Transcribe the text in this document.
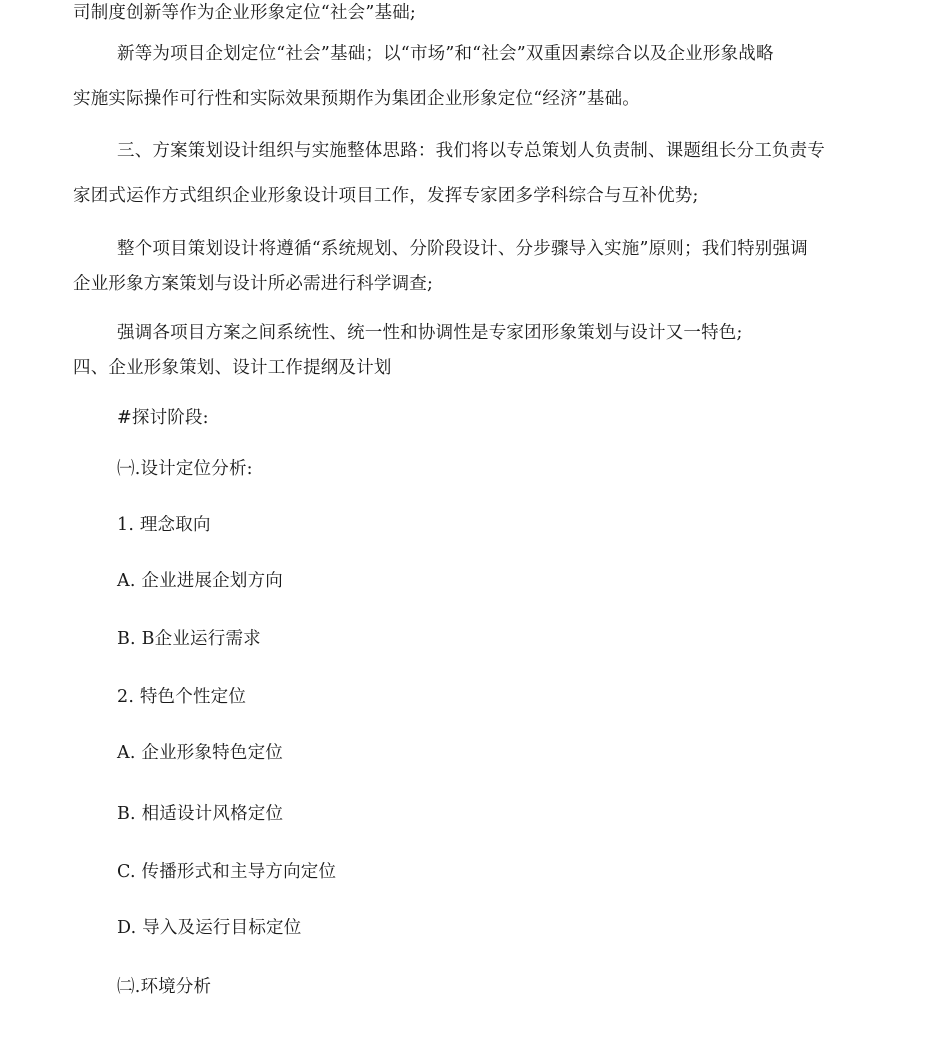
司制度创新等作为企业形象定位“社会”基础;
新等为项目企划定位“社会”基础；以“市场”和“社会”双重因素综合以及企业形象战略
实施实际操作可行性和实际效果预期作为集团企业形象定位“经济”基础。
三、方案策划设计组织与实施整体思路：我们将以专总策划人负责制、课题组长分工负责专
家团式运作方式组织企业形象设计项目工作，发挥专家团多学科综合与互补优势;
整个项目策划设计将遵循“系统规划、分阶段设计、分步骤导入实施”原则；我们特别强调
企业形象方案策划与设计所必需进行科学调查;
强调各项目方案之间系统性、统一性和协调性是专家团形象策划与设计又一特色;
四、企业形象策划、设计工作提纲及计划
#探讨阶段:
㈠.设计定位分析:
1. 理念取向
A. 企业进展企划方向
B. B企业运行需求
2. 特色个性定位
A. 企业形象特色定位
B. 相适设计风格定位
C. 传播形式和主导方向定位
D. 导入及运行目标定位
㈡.环境分析
